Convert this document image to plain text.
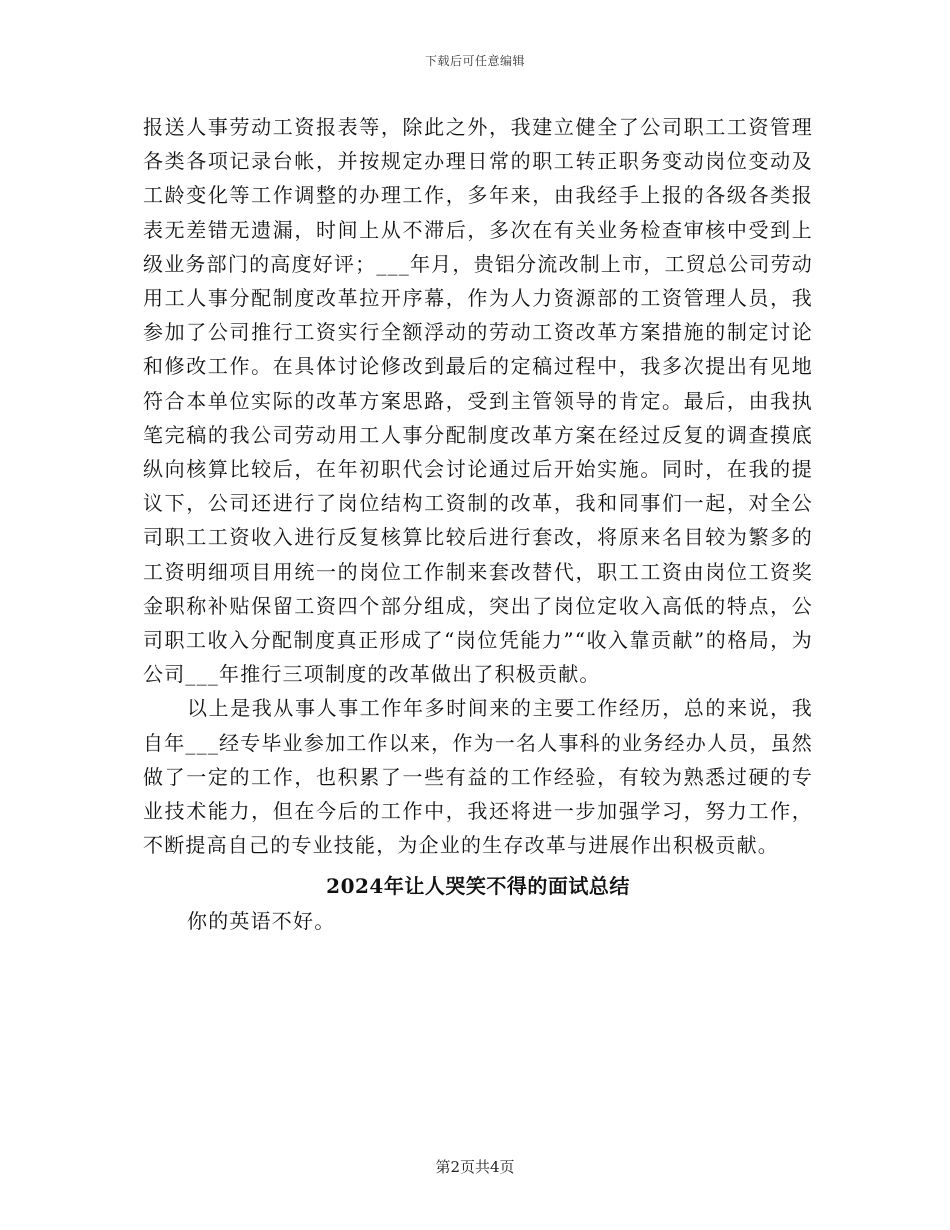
下载后可任意编辑

报送人事劳动工资报表等，除此之外，我建立健全了公司职工工资管理各类各项记录台帐，并按规定办理日常的职工转正职务变动岗位变动及工龄变化等工作调整的办理工作，多年来，由我经手上报的各级各类报表无差错无遗漏，时间上从不滞后，多次在有关业务检查审核中受到上级业务部门的高度好评；___年月，贵铝分流改制上市，工贸总公司劳动用工人事分配制度改革拉开序幕，作为人力资源部的工资管理人员，我参加了公司推行工资实行全额浮动的劳动工资改革方案措施的制定讨论和修改工作。在具体讨论修改到最后的定稿过程中，我多次提出有见地符合本单位实际的改革方案思路，受到主管领导的肯定。最后，由我执笔完稿的我公司劳动用工人事分配制度改革方案在经过反复的调查摸底纵向核算比较后，在年初职代会讨论通过后开始实施。同时，在我的提议下，公司还进行了岗位结构工资制的改革，我和同事们一起，对全公司职工工资收入进行反复核算比较后进行套改，将原来名目较为繁多的工资明细项目用统一的岗位工作制来套改替代，职工工资由岗位工资奖金职称补贴保留工资四个部分组成，突出了岗位定收入高低的特点，公司职工收入分配制度真正形成了“岗位凭能力”“收入靠贡献”的格局，为公司___年推行三项制度的改革做出了积极贡献。

以上是我从事人事工作年多时间来的主要工作经历，总的来说，我自年___经专毕业参加工作以来，作为一名人事科的业务经办人员，虽然做了一定的工作，也积累了一些有益的工作经验，有较为熟悉过硬的专业技术能力，但在今后的工作中，我还将进一步加强学习，努力工作，不断提高自己的专业技能，为企业的生存改革与进展作出积极贡献。

2024年让人哭笑不得的面试总结

你的英语不好。

第2页共4页
